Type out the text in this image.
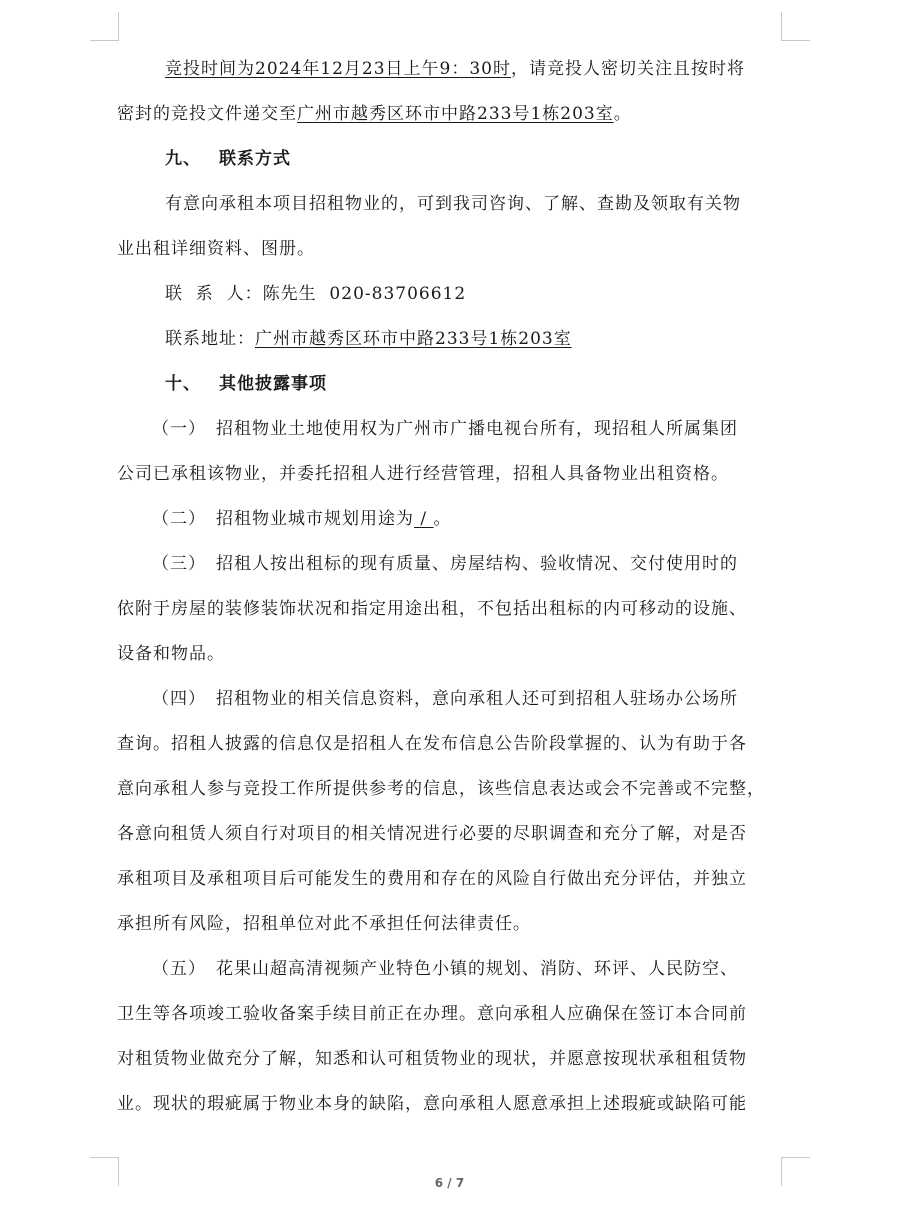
竞投时间为2024年12月23日上午9：30时，请竞投人密切关注且按时将
密封的竞投文件递交至广州市越秀区环市中路233号1栋203室。
九、 联系方式
有意向承租本项目招租物业的，可到我司咨询、了解、查勘及领取有关物
业出租详细资料、图册。
联  系  人：陈先生  020-83706612
联系地址：广州市越秀区环市中路233号1栋203室
十、 其他披露事项
（一） 招租物业土地使用权为广州市广播电视台所有，现招租人所属集团
公司已承租该物业，并委托招租人进行经营管理，招租人具备物业出租资格。
（二） 招租物业城市规划用途为 / 。
（三） 招租人按出租标的现有质量、房屋结构、验收情况、交付使用时的
依附于房屋的装修装饰状况和指定用途出租，不包括出租标的内可移动的设施、
设备和物品。
（四） 招租物业的相关信息资料，意向承租人还可到招租人驻场办公场所
查询。招租人披露的信息仅是招租人在发布信息公告阶段掌握的、认为有助于各
意向承租人参与竞投工作所提供参考的信息，该些信息表达或会不完善或不完整，
各意向租赁人须自行对项目的相关情况进行必要的尽职调查和充分了解，对是否
承租项目及承租项目后可能发生的费用和存在的风险自行做出充分评估，并独立
承担所有风险，招租单位对此不承担任何法律责任。
（五） 花果山超高清视频产业特色小镇的规划、消防、环评、人民防空、
卫生等各项竣工验收备案手续目前正在办理。意向承租人应确保在签订本合同前
对租赁物业做充分了解，知悉和认可租赁物业的现状，并愿意按现状承租租赁物
业。现状的瑕疵属于物业本身的缺陷，意向承租人愿意承担上述瑕疵或缺陷可能
6 / 7
